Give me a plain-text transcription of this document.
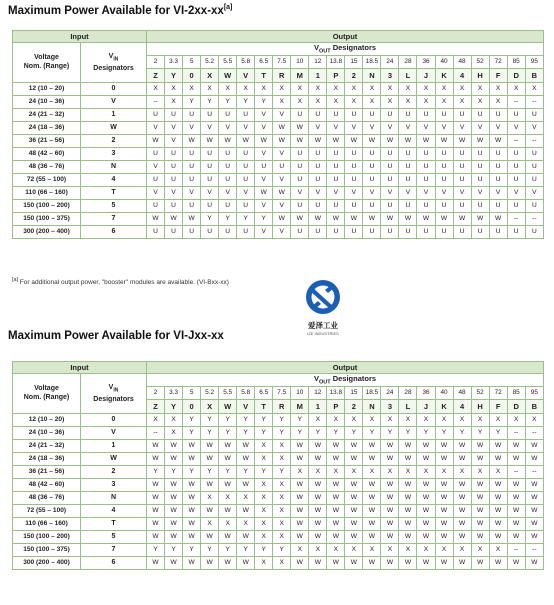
Maximum Power Available for VI-2xx-xx[a]
Input		Output																					
Voltage
Nom. (Range)	$V_{IN}$
Designators	$V_{OUT}$ Designators																					
		2	3.3	5	5.2	5.5	5.8	6.5	7.5	10	12	13.8	15	18.5	24	28	36	40	48	52	72	85	95
		Z	Y	0	X	W	V	T	R	M	1	P	2	N	3	L	J	K	4	H	F	D	B
12 (10 – 20)	0	X	X	X	X	X	X	X	X	X	X	X	X	X	X	X	X	X	X	X	X	X	X
24 (10 – 36)	V	--	X	Y	Y	Y	Y	Y	X	X	X	X	X	X	X	X	X	X	X	X	X	--	--
24 (21 – 32)	1	U	U	U	U	U	U	V	V	U	U	U	U	U	U	U	U	U	U	U	U	U	U
24 (18 – 36)	W	V	V	V	V	V	V	V	W	W	V	V	V	V	V	V	V	V	V	V	V	V	V
36 (21 – 56)	2	W	V	W	W	W	W	W	W	W	W	W	W	W	W	W	W	W	W	W	W	--	--
48 (42 – 60)	3	U	U	U	U	U	U	V	V	U	U	U	U	U	U	U	U	U	U	U	U	U	U
48 (36 – 76)	N	V	U	U	U	U	U	U	U	U	U	U	U	U	U	U	U	U	U	U	U	U	U
72 (55 – 100)	4	U	U	U	U	U	U	V	V	U	U	U	U	U	U	U	U	U	U	U	U	U	U
110 (66 – 160)	T	V	V	V	V	V	V	W	W	V	V	V	V	V	V	V	V	V	V	V	V	V	V
150 (100 – 200)	5	U	U	U	U	U	U	V	V	U	U	U	U	U	U	U	U	U	U	U	U	U	U
150 (100 – 375)	7	W	W	W	Y	Y	Y	Y	W	W	W	W	W	W	W	W	W	W	W	W	W	--	--
300 (200 – 400)	6	U	U	U	U	U	U	V	V	U	U	U	U	U	U	U	U	U	U	U	U	U	U
[a] For additional output power, "booster" modules are available. (VI-Bxx-xx)
爱泽工业
IZE INDUSTRIES
Maximum Power Available for VI-Jxx-xx
Input		Output																					
Voltage
Nom. (Range)	$V_{IN}$
Designators	$V_{OUT}$ Designators																					
		2	3.3	5	5.2	5.5	5.8	6.5	7.5	10	12	13.8	15	18.5	24	28	36	40	48	52	72	85	95
		Z	Y	0	X	W	V	T	R	M	1	P	2	N	3	L	J	K	4	H	F	D	B
12 (10 – 20)	0	X	X	Y	Y	Y	Y	Y	Y	Y	X	X	X	X	X	X	X	X	X	X	X	X	X
24 (10 – 36)	V	--	X	Y	Y	Y	Y	Y	Y	Y	Y	Y	Y	Y	Y	Y	Y	Y	Y	Y	Y	--	--
24 (21 – 32)	1	W	W	W	W	W	W	X	X	W	W	W	W	W	W	W	W	W	W	W	W	W	W
24 (18 – 36)	W	W	W	W	W	W	W	X	X	W	W	W	W	W	W	W	W	W	W	W	W	W	W
36 (21 – 56)	2	Y	Y	Y	Y	Y	Y	Y	Y	X	X	X	X	X	X	X	X	X	X	X	X	--	--
48 (42 – 60)	3	W	W	W	W	W	W	X	X	W	W	W	W	W	W	W	W	W	W	W	W	W	W
48 (36 – 76)	N	W	W	W	X	X	X	X	X	W	W	W	W	W	W	W	W	W	W	W	W	W	W
72 (55 – 100)	4	W	W	W	W	W	W	X	X	W	W	W	W	W	W	W	W	W	W	W	W	W	W
110 (66 – 160)	T	W	W	W	X	X	X	X	X	W	W	W	W	W	W	W	W	W	W	W	W	W	W
150 (100 – 200)	5	W	W	W	W	W	W	X	X	W	W	W	W	W	W	W	W	W	W	W	W	W	W
150 (100 – 375)	7	Y	Y	Y	Y	Y	Y	Y	Y	X	X	X	X	X	X	X	X	X	X	X	X	--	--
300 (200 – 400)	6	W	W	W	W	W	W	X	X	W	W	W	W	W	W	W	W	W	W	W	W	W	W
